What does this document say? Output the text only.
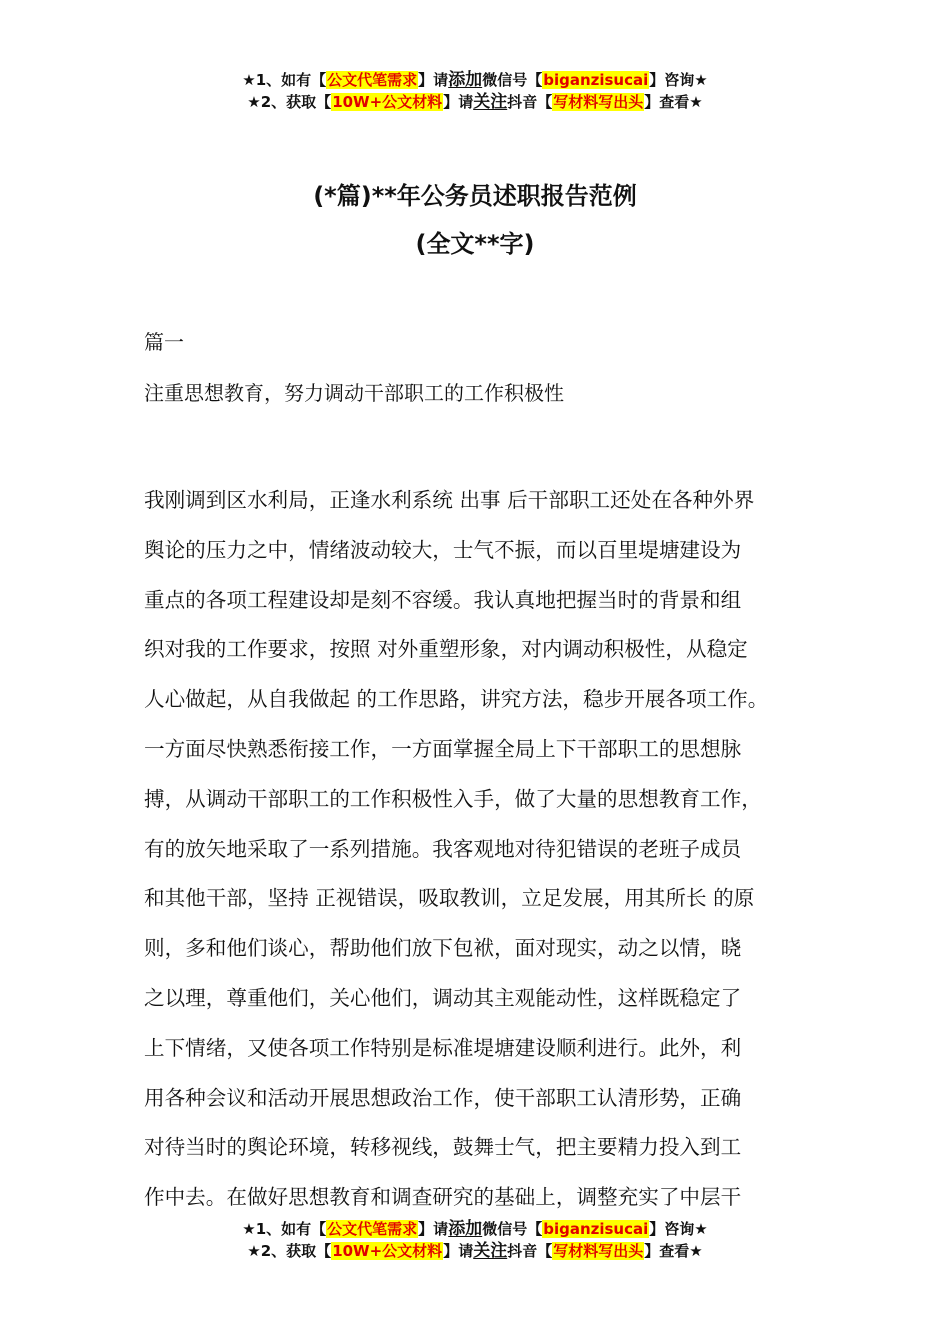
★1、如有【公文代笔需求】请添加微信号【biganzisucai】咨询★
★2、获取【10W+公文材料】请关注抖音【写材料写出头】查看★
(*篇)**年公务员述职报告范例
(全文**字)
篇一
注重思想教育，努力调动干部职工的工作积极性
我刚调到区水利局，正逢水利系统 出事 后干部职工还处在各种外界
舆论的压力之中，情绪波动较大，士气不振，而以百里堤塘建设为
重点的各项工程建设却是刻不容缓。我认真地把握当时的背景和组
织对我的工作要求，按照 对外重塑形象，对内调动积极性，从稳定
人心做起，从自我做起 的工作思路，讲究方法，稳步开展各项工作。
一方面尽快熟悉衔接工作，一方面掌握全局上下干部职工的思想脉
搏，从调动干部职工的工作积极性入手，做了大量的思想教育工作，
有的放矢地采取了一系列措施。我客观地对待犯错误的老班子成员
和其他干部，坚持 正视错误，吸取教训，立足发展，用其所长 的原
则，多和他们谈心，帮助他们放下包袱，面对现实，动之以情，晓
之以理，尊重他们，关心他们，调动其主观能动性，这样既稳定了
上下情绪，又使各项工作特别是标准堤塘建设顺利进行。此外，利
用各种会议和活动开展思想政治工作，使干部职工认清形势，正确
对待当时的舆论环境，转移视线，鼓舞士气，把主要精力投入到工
作中去。在做好思想教育和调查研究的基础上，调整充实了中层干
★1、如有【公文代笔需求】请添加微信号【biganzisucai】咨询★
★2、获取【10W+公文材料】请关注抖音【写材料写出头】查看★
